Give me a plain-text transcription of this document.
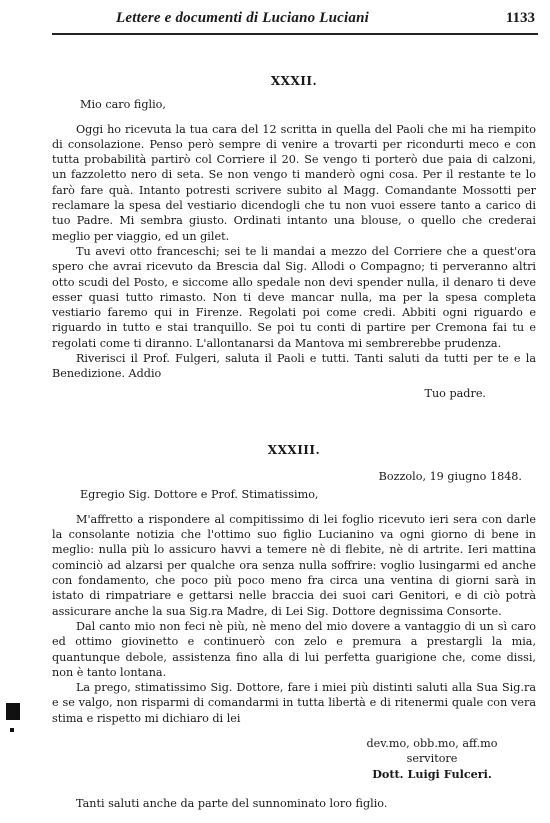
Lettere e documenti di Luciano Luciani	1133
XXXII.
Mio caro figlio,

Oggi ho ricevuta la tua cara del 12 scritta in quella del Paoli che mi ha riempito di consolazione. Penso però sempre di venire a trovarti per ricondurti meco e con tutta probabilità partirò col Corriere il 20. Se vengo ti porterò due paia di calzoni, un fazzoletto nero di seta. Se non vengo ti manderò ogni cosa. Per il restante te lo farò fare quà. Intanto potresti scrivere subito al Magg. Comandante Mossotti per reclamare la spesa del vestiario dicendogli che tu non vuoi essere tanto a carico di tuo Padre. Mi sembra giusto. Ordinati intanto una blouse, o quello che crederai meglio per viaggio, ed un gilet.

Tu avevi otto franceschi; sei te li mandai a mezzo del Corriere che a quest'ora spero che avrai ricevuto da Brescia dal Sig. Allodi o Compagno; ti perveranno altri otto scudi del Posto, e siccome allo spedale non devi spender nulla, il denaro ti deve esser quasi tutto rimasto. Non ti deve mancar nulla, ma per la spesa completa vestiario faremo qui in Firenze. Regolati poi come credi. Abbiti ogni riguardo e riguardo in tutto e stai tranquillo. Se poi tu conti di partire per Cremona fai tu e regolati come ti diranno. L'allontanarsi da Mantova mi sembrerebbe prudenza.

Riverisci il Prof. Fulgeri, saluta il Paoli e tutti. Tanti saluti da tutti per te e la Benedizione. Addio

Tuo padre.
XXXIII.
Bozzolo, 19 giugno 1848.
Egregio Sig. Dottore e Prof. Stimatissimo,

M'affretto a rispondere al compitissimo di lei foglio ricevuto ieri sera con darle la consolante notizia che l'ottimo suo figlio Lucianino va ogni giorno di bene in meglio: nulla più lo assicuro havvi a temere nè di flebite, nè di artrite. Ieri mattina cominciò ad alzarsi per qualche ora senza nulla soffrire: voglio lusingarmi ed anche con fondamento, che poco più poco meno fra circa una ventina di giorni sarà in istato di rimpatriare e gettarsi nelle braccia dei suoi cari Genitori, e di ciò potrà assicurare anche la sua Sig.ra Madre, di Lei Sig. Dottore degnissima Consorte.

Dal canto mio non feci nè più, nè meno del mio dovere a vantaggio di un sì caro ed ottimo giovinetto e continuerò con zelo e premura a prestargli la mia, quantunque debole, assistenza fino alla di lui perfetta guarigione che, come dissi, non è tanto lontana.

La prego, stimatissimo Sig. Dottore, fare i miei più distinti saluti alla Sua Sig.ra e se valgo, non risparmi di comandarmi in tutta libertà e di ritenermi quale con vera stima e rispetto mi dichiaro di lei

dev.mo, obb.mo, aff.mo
servitore
Dott. Luigi Fulceri.

Tanti saluti anche da parte del sunnominato loro figlio.
